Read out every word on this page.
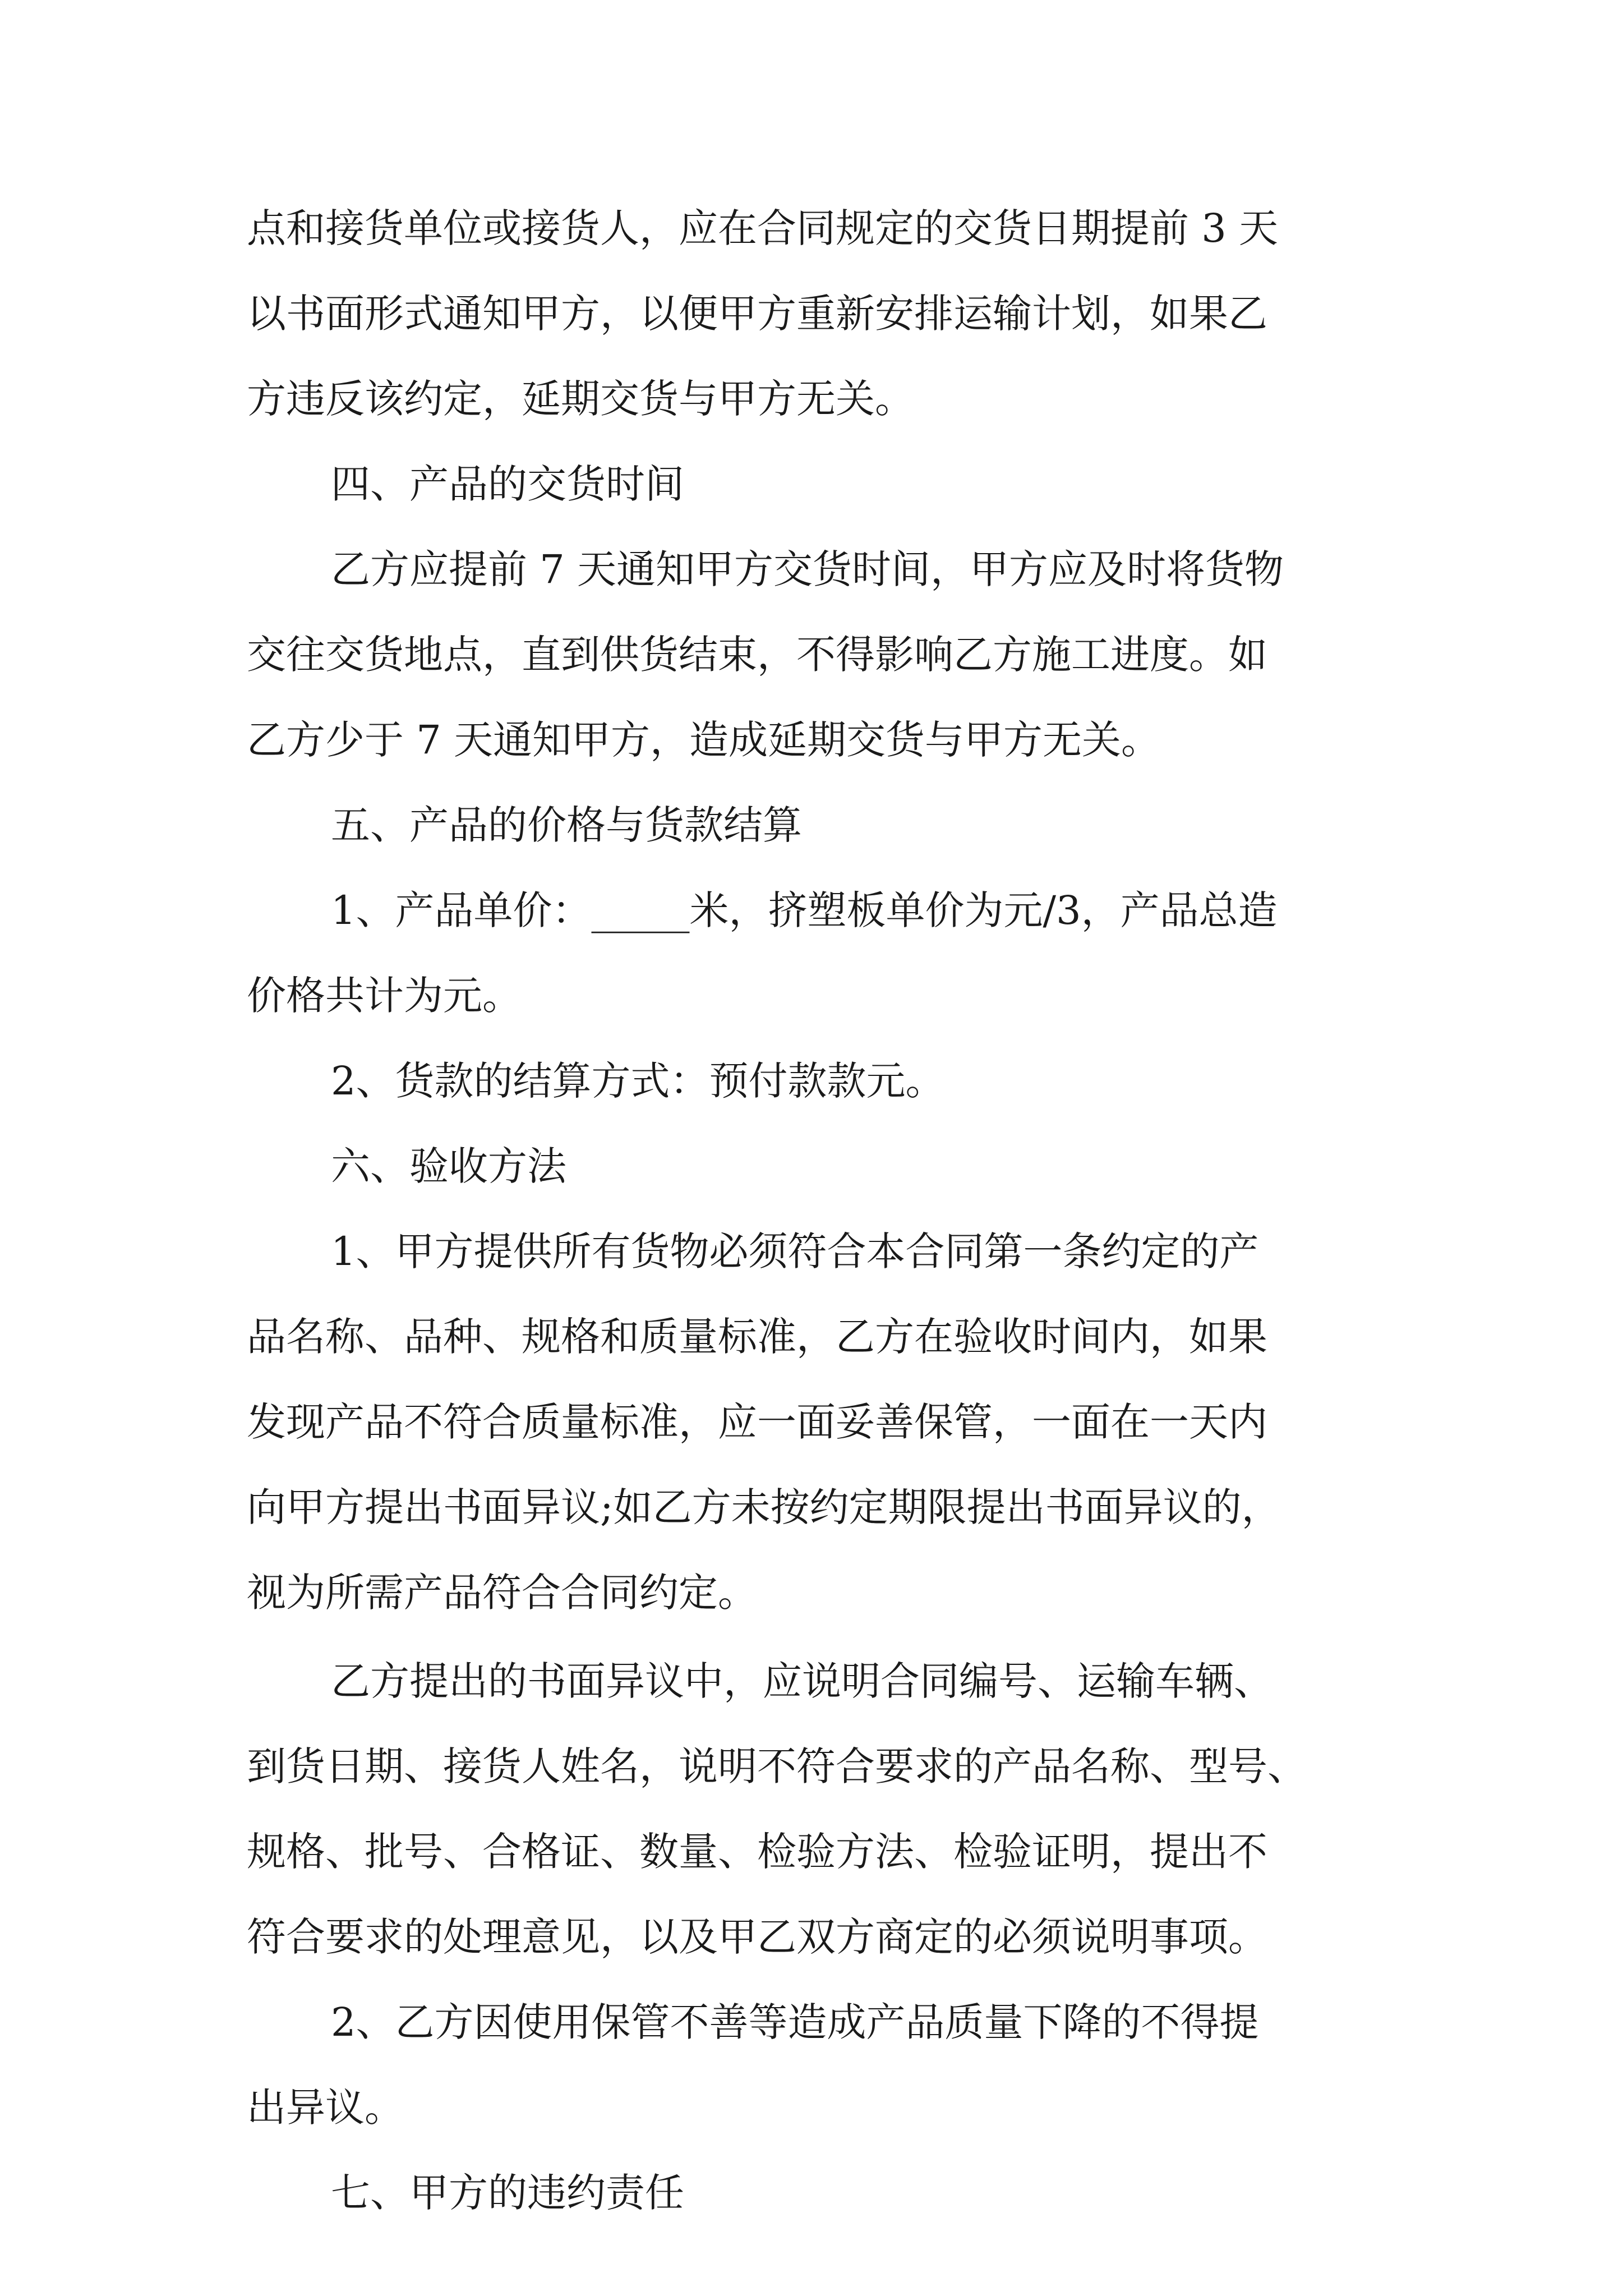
点和接货单位或接货人，应在合同规定的交货日期提前 3 天
以书面形式通知甲方，以便甲方重新安排运输计划，如果乙
方违反该约定，延期交货与甲方无关。
四、产品的交货时间
乙方应提前 7 天通知甲方交货时间，甲方应及时将货物
交往交货地点，直到供货结束，不得影响乙方施工进度。如
乙方少于 7 天通知甲方，造成延期交货与甲方无关。
五、产品的价格与货款结算
1、产品单价：_____米，挤塑板单价为元/3，产品总造
价格共计为元。
2、货款的结算方式：预付款款元。
六、验收方法
1、甲方提供所有货物必须符合本合同第一条约定的产
品名称、品种、规格和质量标准，乙方在验收时间内，如果
发现产品不符合质量标准，应一面妥善保管，一面在一天内
向甲方提出书面异议;如乙方未按约定期限提出书面异议的，
视为所需产品符合合同约定。
乙方提出的书面异议中，应说明合同编号、运输车辆、
到货日期、接货人姓名，说明不符合要求的产品名称、型号、
规格、批号、合格证、数量、检验方法、检验证明，提出不
符合要求的处理意见，以及甲乙双方商定的必须说明事项。
2、乙方因使用保管不善等造成产品质量下降的不得提
出异议。
七、甲方的违约责任
